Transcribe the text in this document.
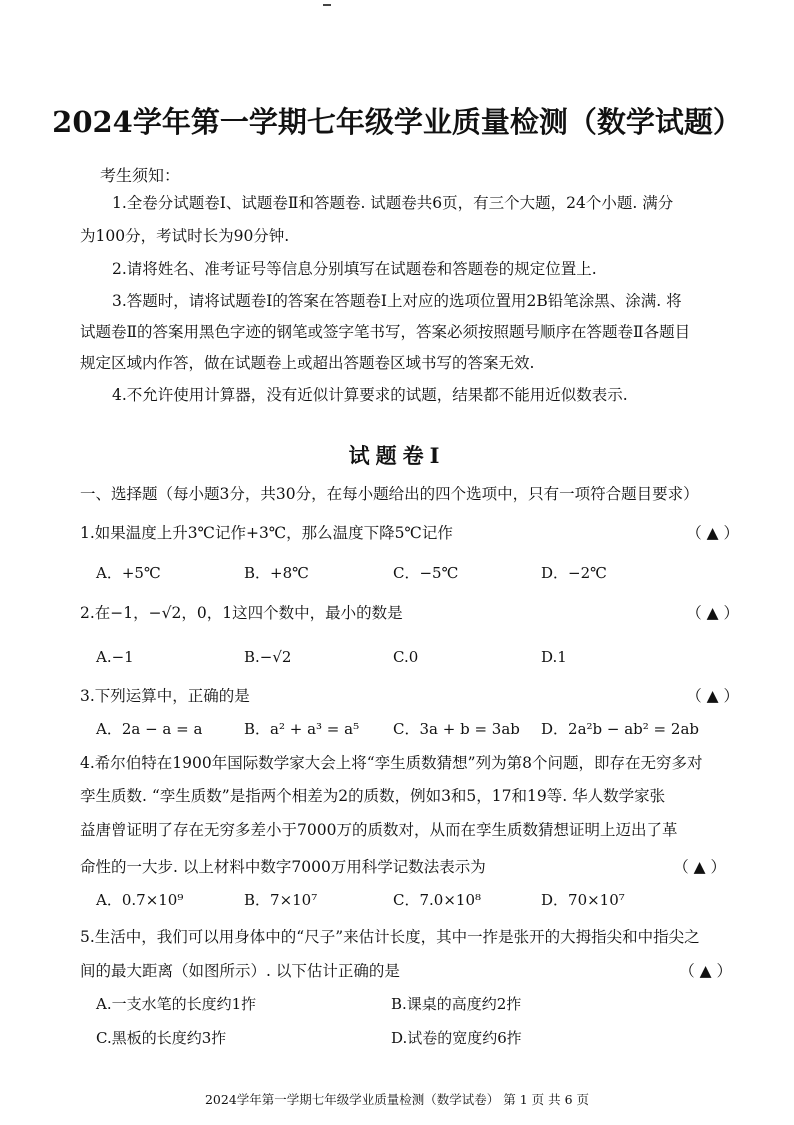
2024学年第一学期七年级学业质量检测（数学试题）
考生须知：
1.全卷分试题卷Ⅰ、试题卷Ⅱ和答题卷. 试题卷共6页，有三个大题，24个小题. 满分
为100分，考试时长为90分钟.
2.请将姓名、准考证号等信息分别填写在试题卷和答题卷的规定位置上.
3.答题时，请将试题卷Ⅰ的答案在答题卷Ⅰ上对应的选项位置用2B铅笔涂黑、涂满. 将
试题卷Ⅱ的答案用黑色字迹的钢笔或签字笔书写，答案必须按照题号顺序在答题卷Ⅱ各题目
规定区域内作答，做在试题卷上或超出答题卷区域书写的答案无效.
4.不允许使用计算器，没有近似计算要求的试题，结果都不能用近似数表示.
试题卷Ⅰ
一、选择题（每小题3分，共30分，在每小题给出的四个选项中，只有一项符合题目要求）
1.如果温度上升3℃记作+3℃，那么温度下降5℃记作	（ ▲ ）
A．+5℃	B．+8℃	C．−5℃	D．−2℃
2.在−1，−√2，0，1这四个数中，最小的数是	（ ▲ ）
A.−1	B.−√2	C.0	D.1
3.下列运算中，正确的是	（ ▲ ）
A．2a − a = a	B．a² + a³ = a⁵ C．3a + b = 3ab D．2a²b − ab² = 2ab
4.希尔伯特在1900年国际数学家大会上将“孪生质数猜想”列为第8个问题，即存在无穷多对
孪生质数. “孪生质数”是指两个相差为2的质数，例如3和5，17和19等. 华人数学家张
益唐曾证明了存在无穷多差小于7000万的质数对，从而在孪生质数猜想证明上迈出了革
命性的一大步. 以上材料中数字7000万用科学记数法表示为	（ ▲ ）
A．0.7×10⁹	B．7×10⁷	C．7.0×10⁸	D．70×10⁷
5.生活中，我们可以用身体中的“尺子”来估计长度，其中一拃是张开的大拇指尖和中指尖之
间的最大距离（如图所示）. 以下估计正确的是	（ ▲ ）
A.一支水笔的长度约1拃	B.课桌的高度约2拃
C.黑板的长度约3拃	D.试卷的宽度约6拃
2024学年第一学期七年级学业质量检测（数学试卷） 第 1 页 共 6 页
